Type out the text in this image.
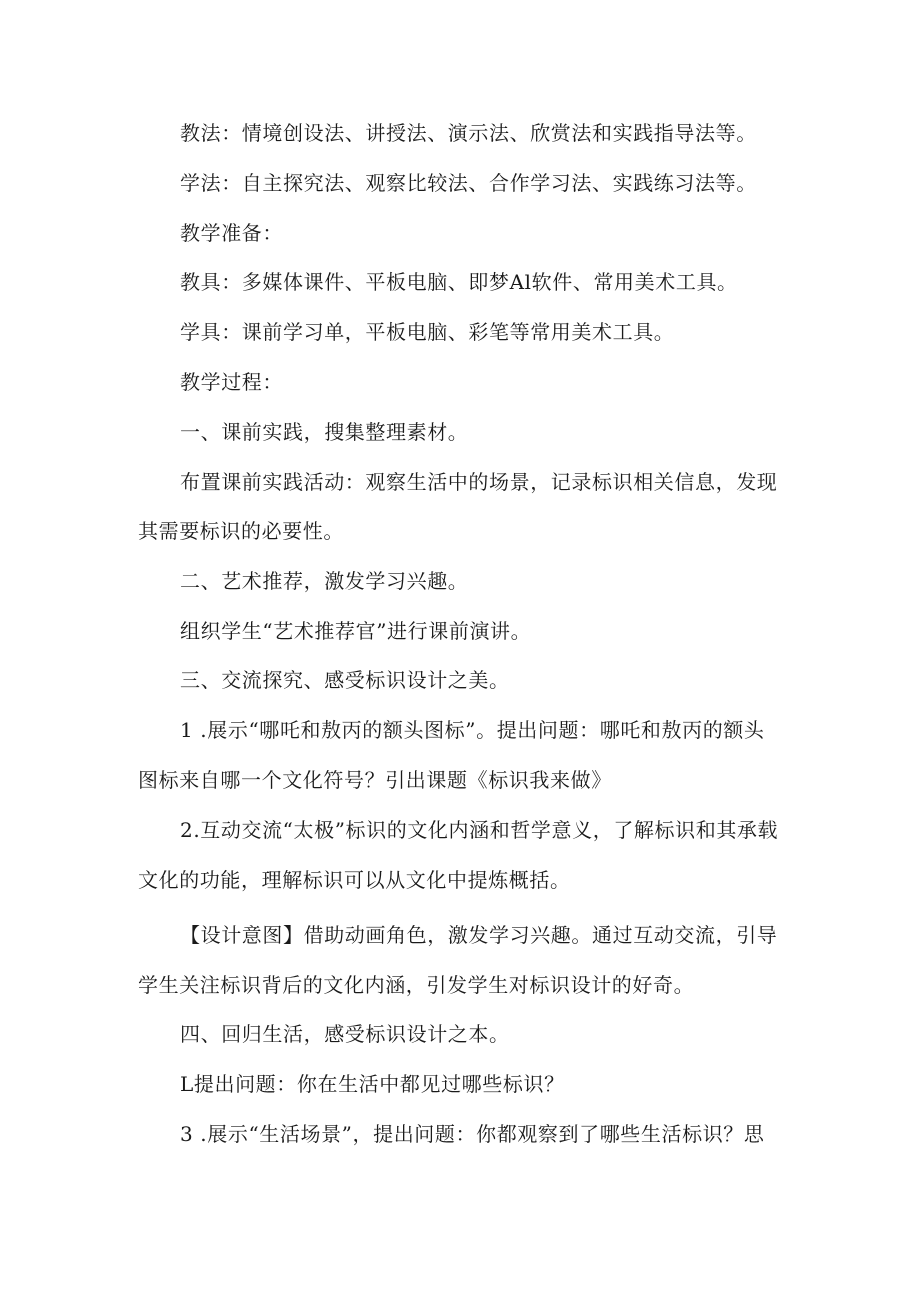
教法：情境创设法、讲授法、演示法、欣赏法和实践指导法等。
学法：自主探究法、观察比较法、合作学习法、实践练习法等。
教学准备：
教具：多媒体课件、平板电脑、即梦Al软件、常用美术工具。
学具：课前学习单，平板电脑、彩笔等常用美术工具。
教学过程：
一、课前实践，搜集整理素材。
布置课前实践活动：观察生活中的场景，记录标识相关信息，发现
其需要标识的必要性。
二、艺术推荐，激发学习兴趣。
组织学生“艺术推荐官”进行课前演讲。
三、交流探究、感受标识设计之美。
1 .展示“哪吒和敖丙的额头图标”。提出问题：哪吒和敖丙的额头
图标来自哪一个文化符号？引出课题《标识我来做》
2.互动交流“太极”标识的文化内涵和哲学意义，了解标识和其承载
文化的功能，理解标识可以从文化中提炼概括。
【设计意图】借助动画角色，激发学习兴趣。通过互动交流，引导
学生关注标识背后的文化内涵，引发学生对标识设计的好奇。
四、回归生活，感受标识设计之本。
L提出问题：你在生活中都见过哪些标识？
3 .展示“生活场景”，提出问题：你都观察到了哪些生活标识？思
